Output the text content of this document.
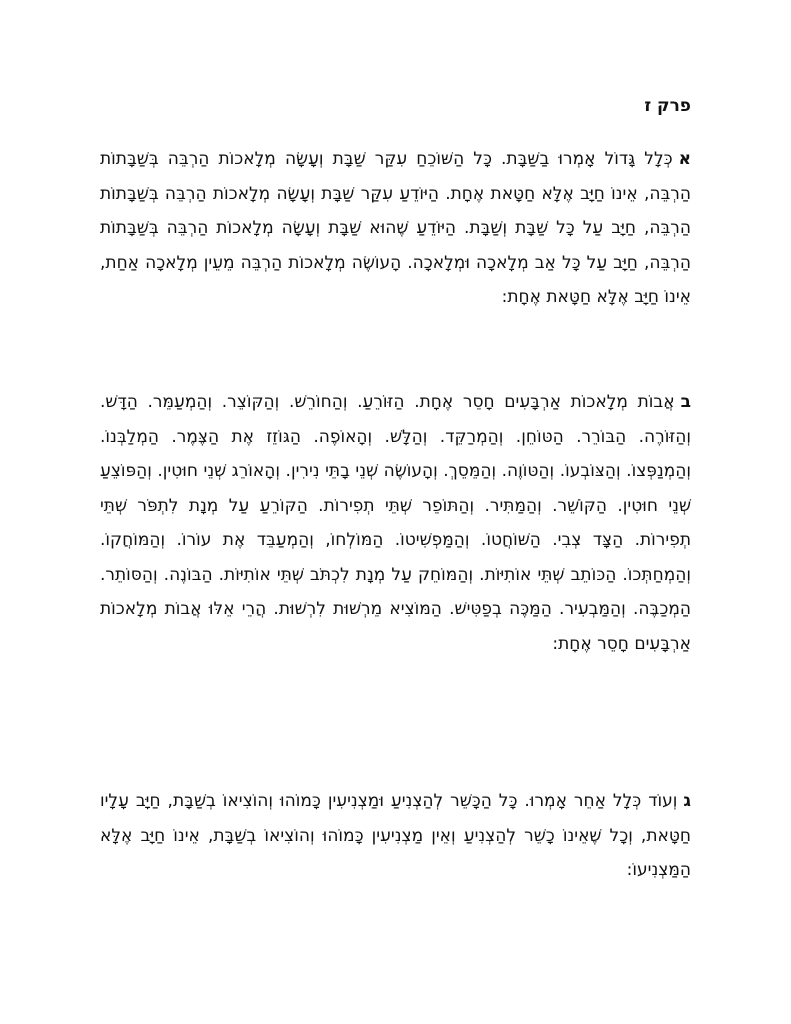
פרק ז

אכְּלָל גָּדוֹל אָמְרוּ בַשַּׁבָּת. כָּל הַשּׁוֹכֵחַ עִקַּר שַׁבָּת וְעָשָׂה מְלָאכוֹת הַרְבֵּה בְּשַׁבָּתוֹת הַרְבֵּה, אֵינוֹ חַיָּב אֶלָּא חַטָּאת אֶחָת. הַיּוֹדֵעַ עִקַּר שַׁבָּת וְעָשָׂה מְלָאכוֹת הַרְבֵּה בְּשַׁבָּתוֹת הַרְבֵּה, חַיָּב עַל כָּל שַׁבָּת וְשַׁבָּת. הַיּוֹדֵעַ שֶׁהוּא שַׁבָּת וְעָשָׂה מְלָאכוֹת הַרְבֵּה בְּשַׁבָּתוֹת הַרְבֵּה, חַיָּב עַל כָּל אַב מְלָאכָה וּמְלָאכָה. הָעוֹשֶׂה מְלָאכוֹת הַרְבֵּה מֵעֵין מְלָאכָה אַחַת, אֵינוֹ חַיָּב אֶלָּא חַטָּאת אֶחָת:

באֲבוֹת מְלָאכוֹת אַרְבָּעִים חָסֵר אֶחָת. הַזּוֹרֵעַ. וְהַחוֹרֵשׁ. וְהַקּוֹצֵר. וְהַמְעַמֵּר. הַדָּשׁ. וְהַזּוֹרֶה. הַבּוֹרֵר. הַטּוֹחֵן. וְהַמְרַקֵּד. וְהַלָּשׁ. וְהָאוֹפֶה. הַגּוֹזֵז אֶת הַצֶּמֶר. הַמְלַבְּנוֹ. וְהַמְנַפְּצוֹ. וְהַצּוֹבְעוֹ. וְהַטּוֹוֶה. וְהַמֵּסֵךְ. וְהָעוֹשֶׂה שְׁנֵי בָתֵּי נִירִין. וְהָאוֹרֵג שְׁנֵי חוּטִין. וְהַפּוֹצֵעַ שְׁנֵי חוּטִין. הַקּוֹשֵׁר. וְהַמַּתִּיר. וְהַתּוֹפֵר שְׁתֵּי תְפִירוֹת. הַקּוֹרֵעַ עַל מְנָת לִתְפֹּר שְׁתֵּי תְפִירוֹת. הַצָּד צְבִי. הַשּׁוֹחֲטוֹ. וְהַמַּפְשִׁיטוֹ. הַמּוֹלְחוֹ, וְהַמְעַבֵּד אֶת עוֹרוֹ. וְהַמּוֹחֲקוֹ. וְהַמְחַתְּכוֹ. הַכּוֹתֵב שְׁתֵּי אוֹתִיּוֹת. וְהַמּוֹחֵק עַל מְנָת לִכְתֹּב שְׁתֵּי אוֹתִיּוֹת. הַבּוֹנֶה. וְהַסּוֹתֵר. הַמְכַבֶּה. וְהַמַּבְעִיר. הַמַּכֶּה בְפַטִּישׁ. הַמּוֹצִיא מֵרְשׁוּת לִרְשׁוּת. הֲרֵי אֵלּוּ אֲבוֹת מְלָאכוֹת אַרְבָּעִים חָסֵר אֶחָת:

גוְעוֹד כְּלָל אַחֵר אָמְרוּ. כָּל הַכָּשֵׁר לְהַצְנִיעַ וּמַצְנִיעִין כָּמוֹהוּ וְהוֹצִיאוֹ בְשַׁבָּת, חַיָּב עָלָיו חַטָּאת, וְכָל שֶׁאֵינוֹ כָשֵׁר לְהַצְנִיעַ וְאֵין מַצְנִיעִין כָּמוֹהוּ וְהוֹצִיאוֹ בְשַׁבָּת, אֵינוֹ חַיָּב אֶלָּא הַמַּצְנִיעוֹ:
